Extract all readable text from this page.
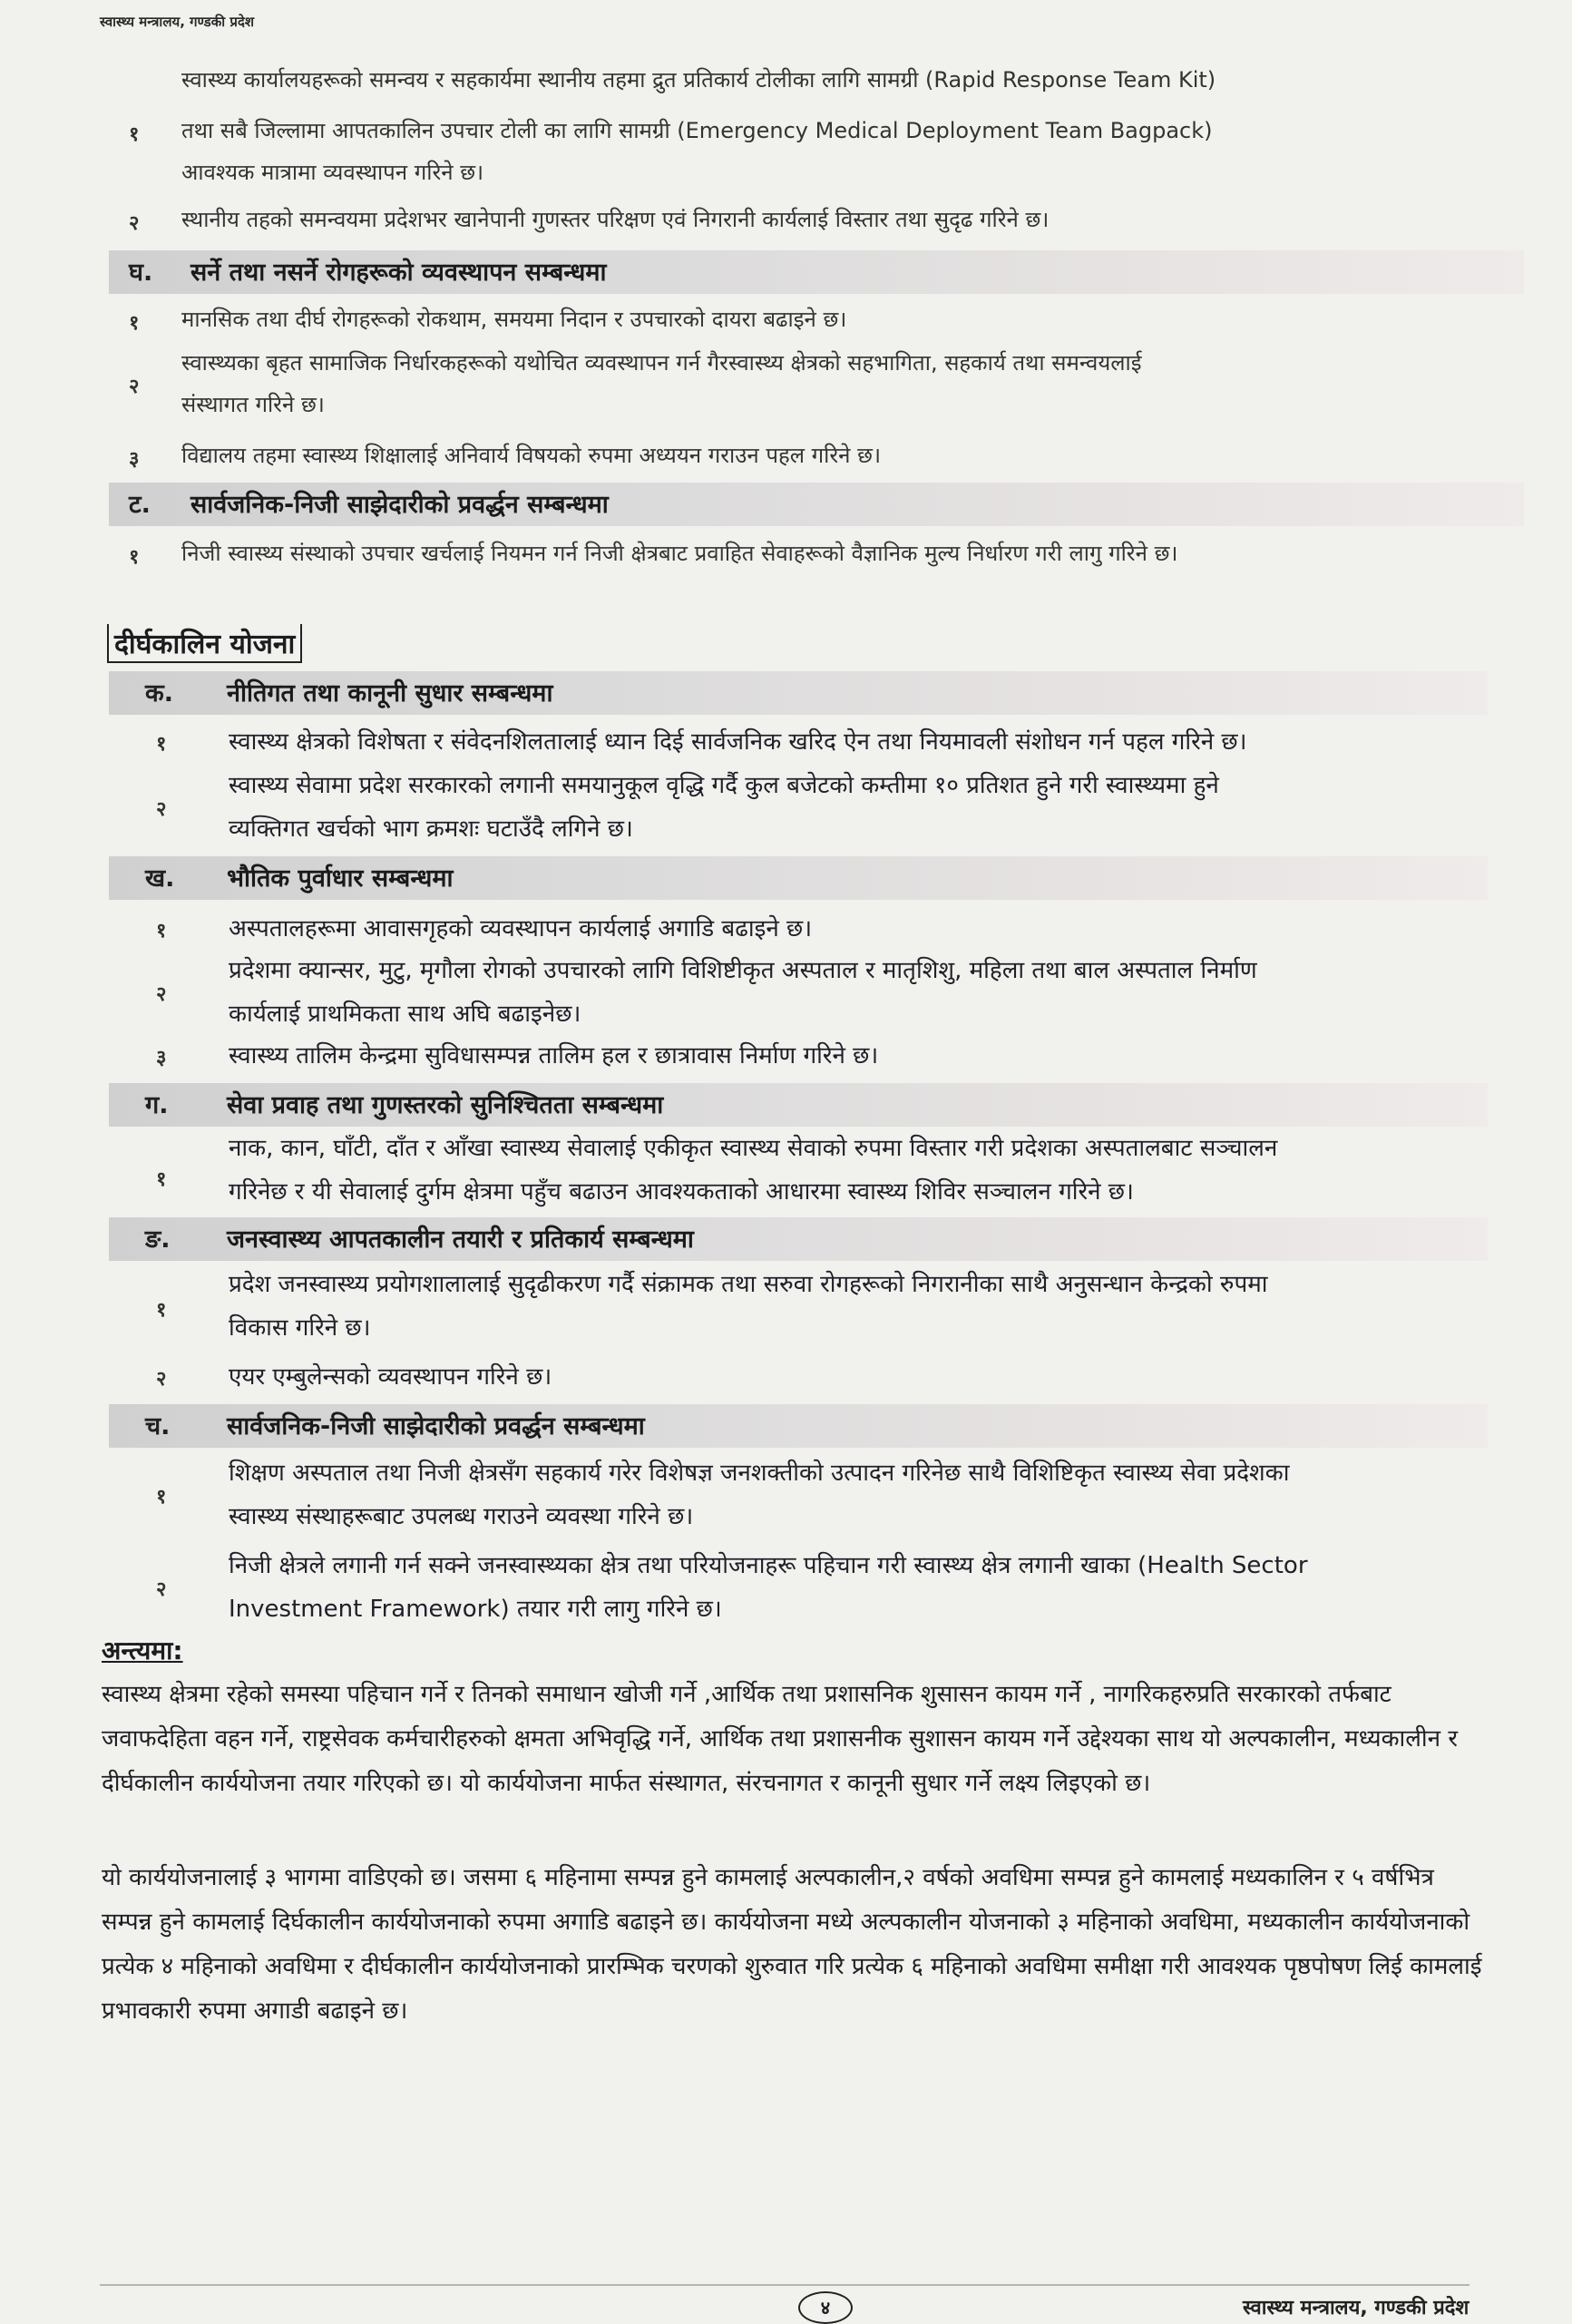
स्वास्थ्य मन्त्रालय, गण्डकी प्रदेश
स्वास्थ्य कार्यालयहरूको समन्वय र सहकार्यमा स्थानीय तहमा द्रुत प्रतिकार्य टोलीका लागि सामग्री (Rapid Response Team Kit)
१ तथा सबै जिल्लामा आपतकालिन उपचार टोली का लागि सामग्री (Emergency Medical Deployment Team Bagpack)
आवश्यक मात्रामा व्यवस्थापन गरिने छ।
२ स्थानीय तहको समन्वयमा प्रदेशभर खानेपानी गुणस्तर परिक्षण एवं निगरानी कार्यलाई विस्तार तथा सुदृढ गरिने छ।
घ. सर्ने तथा नसर्ने रोगहरूको व्यवस्थापन सम्बन्धमा
१ मानसिक तथा दीर्घ रोगहरूको रोकथाम, समयमा निदान र उपचारको दायरा बढाइने छ।
२
स्वास्थ्यका बृहत सामाजिक निर्धारकहरूको यथोचित व्यवस्थापन गर्न गैरस्वास्थ्य क्षेत्रको सहभागिता, सहकार्य तथा समन्वयलाई
संस्थागत गरिने छ।
३ विद्यालय तहमा स्वास्थ्य शिक्षालाई अनिवार्य विषयको रुपमा अध्ययन गराउन पहल गरिने छ।
ट. सार्वजनिक-निजी साझेदारीको प्रवर्द्धन सम्बन्धमा
१ निजी स्वास्थ्य संस्थाको उपचार खर्चलाई नियमन गर्न निजी क्षेत्रबाट प्रवाहित सेवाहरूको वैज्ञानिक मुल्य निर्धारण गरी लागु गरिने छ।
दीर्घकालिन योजना
क. नीतिगत तथा कानूनी सुधार सम्बन्धमा
१	स्वास्थ्य क्षेत्रको विशेषता र संवेदनशिलतालाई ध्यान दिई सार्वजनिक खरिद ऐन तथा नियमावली संशोधन गर्न पहल गरिने छ।
२
स्वास्थ्य सेवामा प्रदेश सरकारको लगानी समयानुकूल वृद्धि गर्दै कुल बजेटको कम्तीमा १० प्रतिशत हुने गरी स्वास्थ्यमा हुने
व्यक्तिगत खर्चको भाग क्रमशः घटाउँदै लगिने छ।
ख. भौतिक पुर्वाधार सम्बन्धमा
१	अस्पतालहरूमा आवासगृहको व्यवस्थापन कार्यलाई अगाडि बढाइने छ।
२
प्रदेशमा क्यान्सर, मुटु, मृगौला रोगको उपचारको लागि विशिष्टीकृत अस्पताल र मातृशिशु, महिला तथा बाल अस्पताल निर्माण
कार्यलाई प्राथमिकता साथ अघि बढाइनेछ।
३	स्वास्थ्य तालिम केन्द्रमा सुविधासम्पन्न तालिम हल र छात्रावास निर्माण गरिने छ।
ग. सेवा प्रवाह तथा गुणस्तरको सुनिश्चितता सम्बन्धमा
१
नाक, कान, घाँटी, दाँत र आँखा स्वास्थ्य सेवालाई एकीकृत स्वास्थ्य सेवाको रुपमा विस्तार गरी प्रदेशका अस्पतालबाट सञ्चालन
गरिनेछ र यी सेवालाई दुर्गम क्षेत्रमा पहुँच बढाउन आवश्यकताको आधारमा स्वास्थ्य शिविर सञ्चालन गरिने छ।
ङ. जनस्वास्थ्य आपतकालीन तयारी र प्रतिकार्य सम्बन्धमा
१
प्रदेश जनस्वास्थ्य प्रयोगशालालाई सुदृढीकरण गर्दै संक्रामक तथा सरुवा रोगहरूको निगरानीका साथै अनुसन्धान केन्द्रको रुपमा
विकास गरिने छ।
२	एयर एम्बुलेन्सको व्यवस्थापन गरिने छ।
च. सार्वजनिक-निजी साझेदारीको प्रवर्द्धन सम्बन्धमा
१
शिक्षण अस्पताल तथा निजी क्षेत्रसँग सहकार्य गरेर विशेषज्ञ जनशक्तीको उत्पादन गरिनेछ साथै विशिष्टिकृत स्वास्थ्य सेवा प्रदेशका
स्वास्थ्य संस्थाहरूबाट उपलब्ध गराउने व्यवस्था गरिने छ।
२
निजी क्षेत्रले लगानी गर्न सक्ने जनस्वास्थ्यका क्षेत्र तथा परियोजनाहरू पहिचान गरी स्वास्थ्य क्षेत्र लगानी खाका (Health Sector
Investment Framework) तयार गरी लागु गरिने छ।
अन्त्यमा:
स्वास्थ्य क्षेत्रमा रहेको समस्या पहिचान गर्ने र तिनको समाधान खोजी गर्ने ,आर्थिक तथा प्रशासनिक शुसासन कायम गर्ने , नागरिकहरुप्रति सरकारको तर्फबाट जवाफदेहिता वहन गर्ने, राष्ट्रसेवक कर्मचारीहरुको क्षमता अभिवृद्धि गर्ने, आर्थिक तथा प्रशासनीक सुशासन कायम गर्ने उद्देश्यका साथ यो अल्पकालीन, मध्यकालीन र दीर्घकालीन कार्ययोजना तयार गरिएको छ। यो कार्ययोजना मार्फत संस्थागत, संरचनागत र कानूनी सुधार गर्ने लक्ष्य लिइएको छ।
यो कार्ययोजनालाई ३ भागमा वाडिएको छ। जसमा ६ महिनामा सम्पन्न हुने कामलाई अल्पकालीन,२ वर्षको अवधिमा सम्पन्न हुने कामलाई मध्यकालिन र ५ वर्षभित्र सम्पन्न हुने कामलाई दिर्घकालीन कार्ययोजनाको रुपमा अगाडि बढाइने छ। कार्ययोजना मध्ये अल्पकालीन योजनाको ३ महिनाको अवधिमा, मध्यकालीन कार्ययोजनाको प्रत्येक ४ महिनाको अवधिमा र दीर्घकालीन कार्ययोजनाको प्रारम्भिक चरणको शुरुवात गरि प्रत्येक ६ महिनाको अवधिमा समीक्षा गरी आवश्यक पृष्ठपोषण लिई कामलाई प्रभावकारी रुपमा अगाडी बढाइने छ।
४	स्वास्थ्य मन्त्रालय, गण्डकी प्रदेश
